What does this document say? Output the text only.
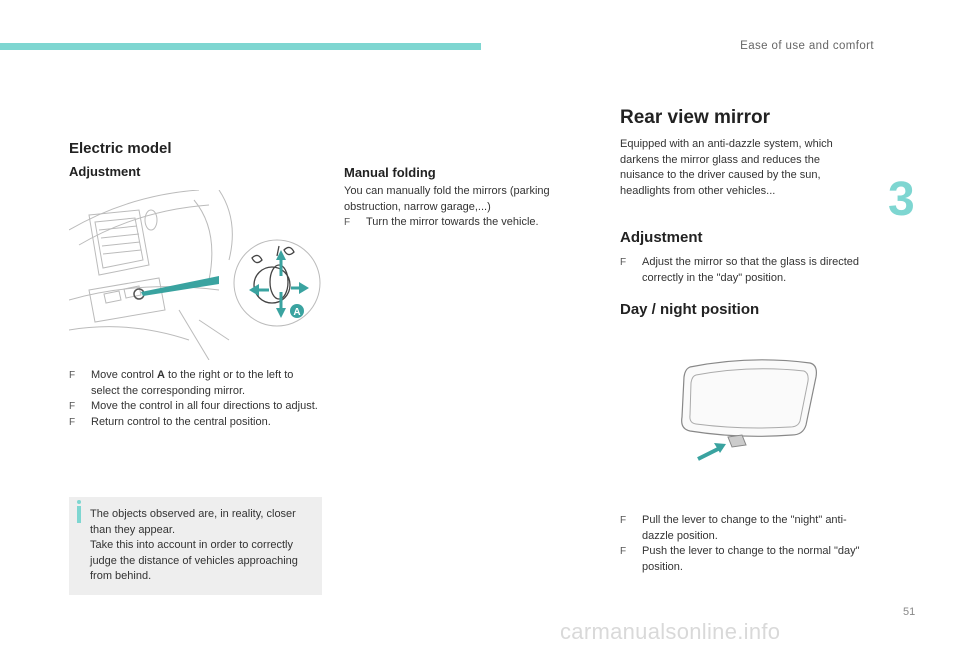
Ease of use and comfort
3
Electric model
Adjustment
A
F Move control A to the right or to the left to select the corresponding mirror.
F Move the control in all four directions to adjust.
F Return control to the central position.
The objects observed are, in reality, closer than they appear.
Take this into account in order to correctly judge the distance of vehicles approaching from behind.
Manual folding
You can manually fold the mirrors (parking obstruction, narrow garage,...)
F Turn the mirror towards the vehicle.
Rear view mirror
Equipped with an anti-dazzle system, which darkens the mirror glass and reduces the nuisance to the driver caused by the sun, headlights from other vehicles...
Adjustment
F Adjust the mirror so that the glass is directed correctly in the "day" position.
Day / night position
F Pull the lever to change to the "night" anti-dazzle position.
F Push the lever to change to the normal "day" position.
51
carmanualsonline.info
